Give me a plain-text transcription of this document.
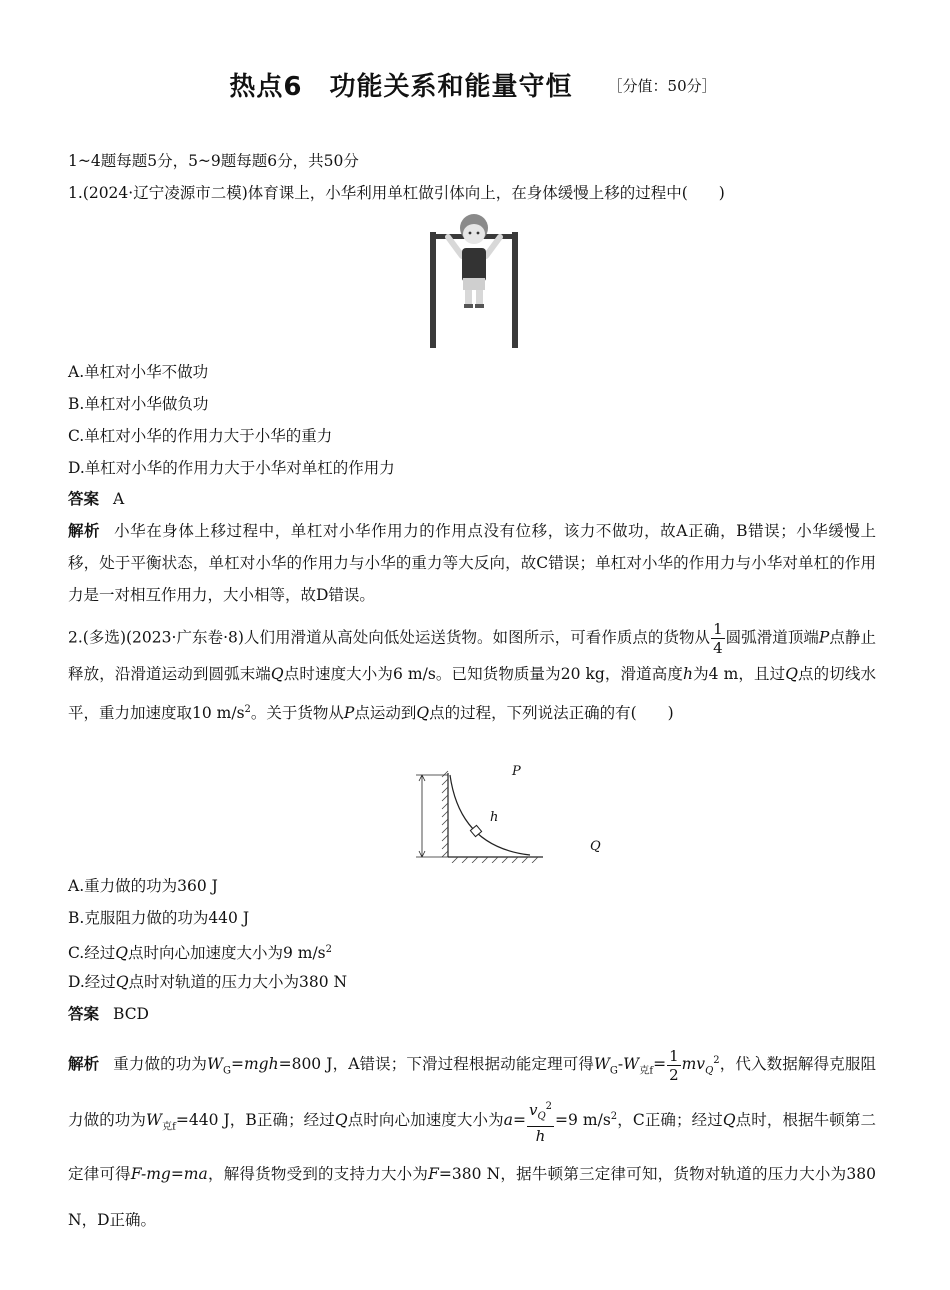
热点6　功能关系和能量守恒 ［分值：50分］
1~4题每题5分，5~9题每题6分，共50分
1.(2024·辽宁凌源市二模)体育课上，小华利用单杠做引体向上，在身体缓慢上移的过程中(　　)
A.单杠对小华不做功
B.单杠对小华做负功
C.单杠对小华的作用力大于小华的重力
D.单杠对小华的作用力大于小华对单杠的作用力
答案 A
解析 小华在身体上移过程中，单杠对小华作用力的作用点没有位移，该力不做功，故A正确，B错误；小华缓慢上移，处于平衡状态，单杠对小华的作用力与小华的重力等大反向，故C错误；单杠对小华的作用力与小华对单杠的作用力是一对相互作用力，大小相等，故D错误。
2.(多选)(2023·广东卷·8)人们用滑道从高处向低处运送货物。如图所示，可看作质点的货物从 $\frac{1}{4}$ 圆弧滑道顶端P点静止释放，沿滑道运动到圆弧末端Q点时速度大小为6 m/s。已知货物质量为20 kg，滑道高度h为4 m，且过Q点的切线水平，重力加速度取10 $m/s^2$。关于货物从P点运动到Q点的过程，下列说法正确的有(　　)
P
h
Q
A.重力做的功为360 J
B.克服阻力做的功为440 J
C.经过Q点时向心加速度大小为9 $m/s^2$
D.经过Q点时对轨道的压力大小为380 N
答案 BCD
解析 重力做的功为$W_G=mgh=800$ J，A错误；下滑过程根据动能定理可得$W_G-W_{克f}= \frac{1}{2} mv_Q^2$，代入数据解得克服阻力做的功为$W_{克f}=440$ J，B正确；经过Q点时向心加速度大小为$a= \frac{v_Q^2}{h} =9$ $m/s^2$，C正确；经过Q点时，根据牛顿第二定律可得F-mg=ma，解得货物受到的支持力大小为F=380 N，据牛顿第三定律可知，货物对轨道的压力大小为380 N，D正确。
